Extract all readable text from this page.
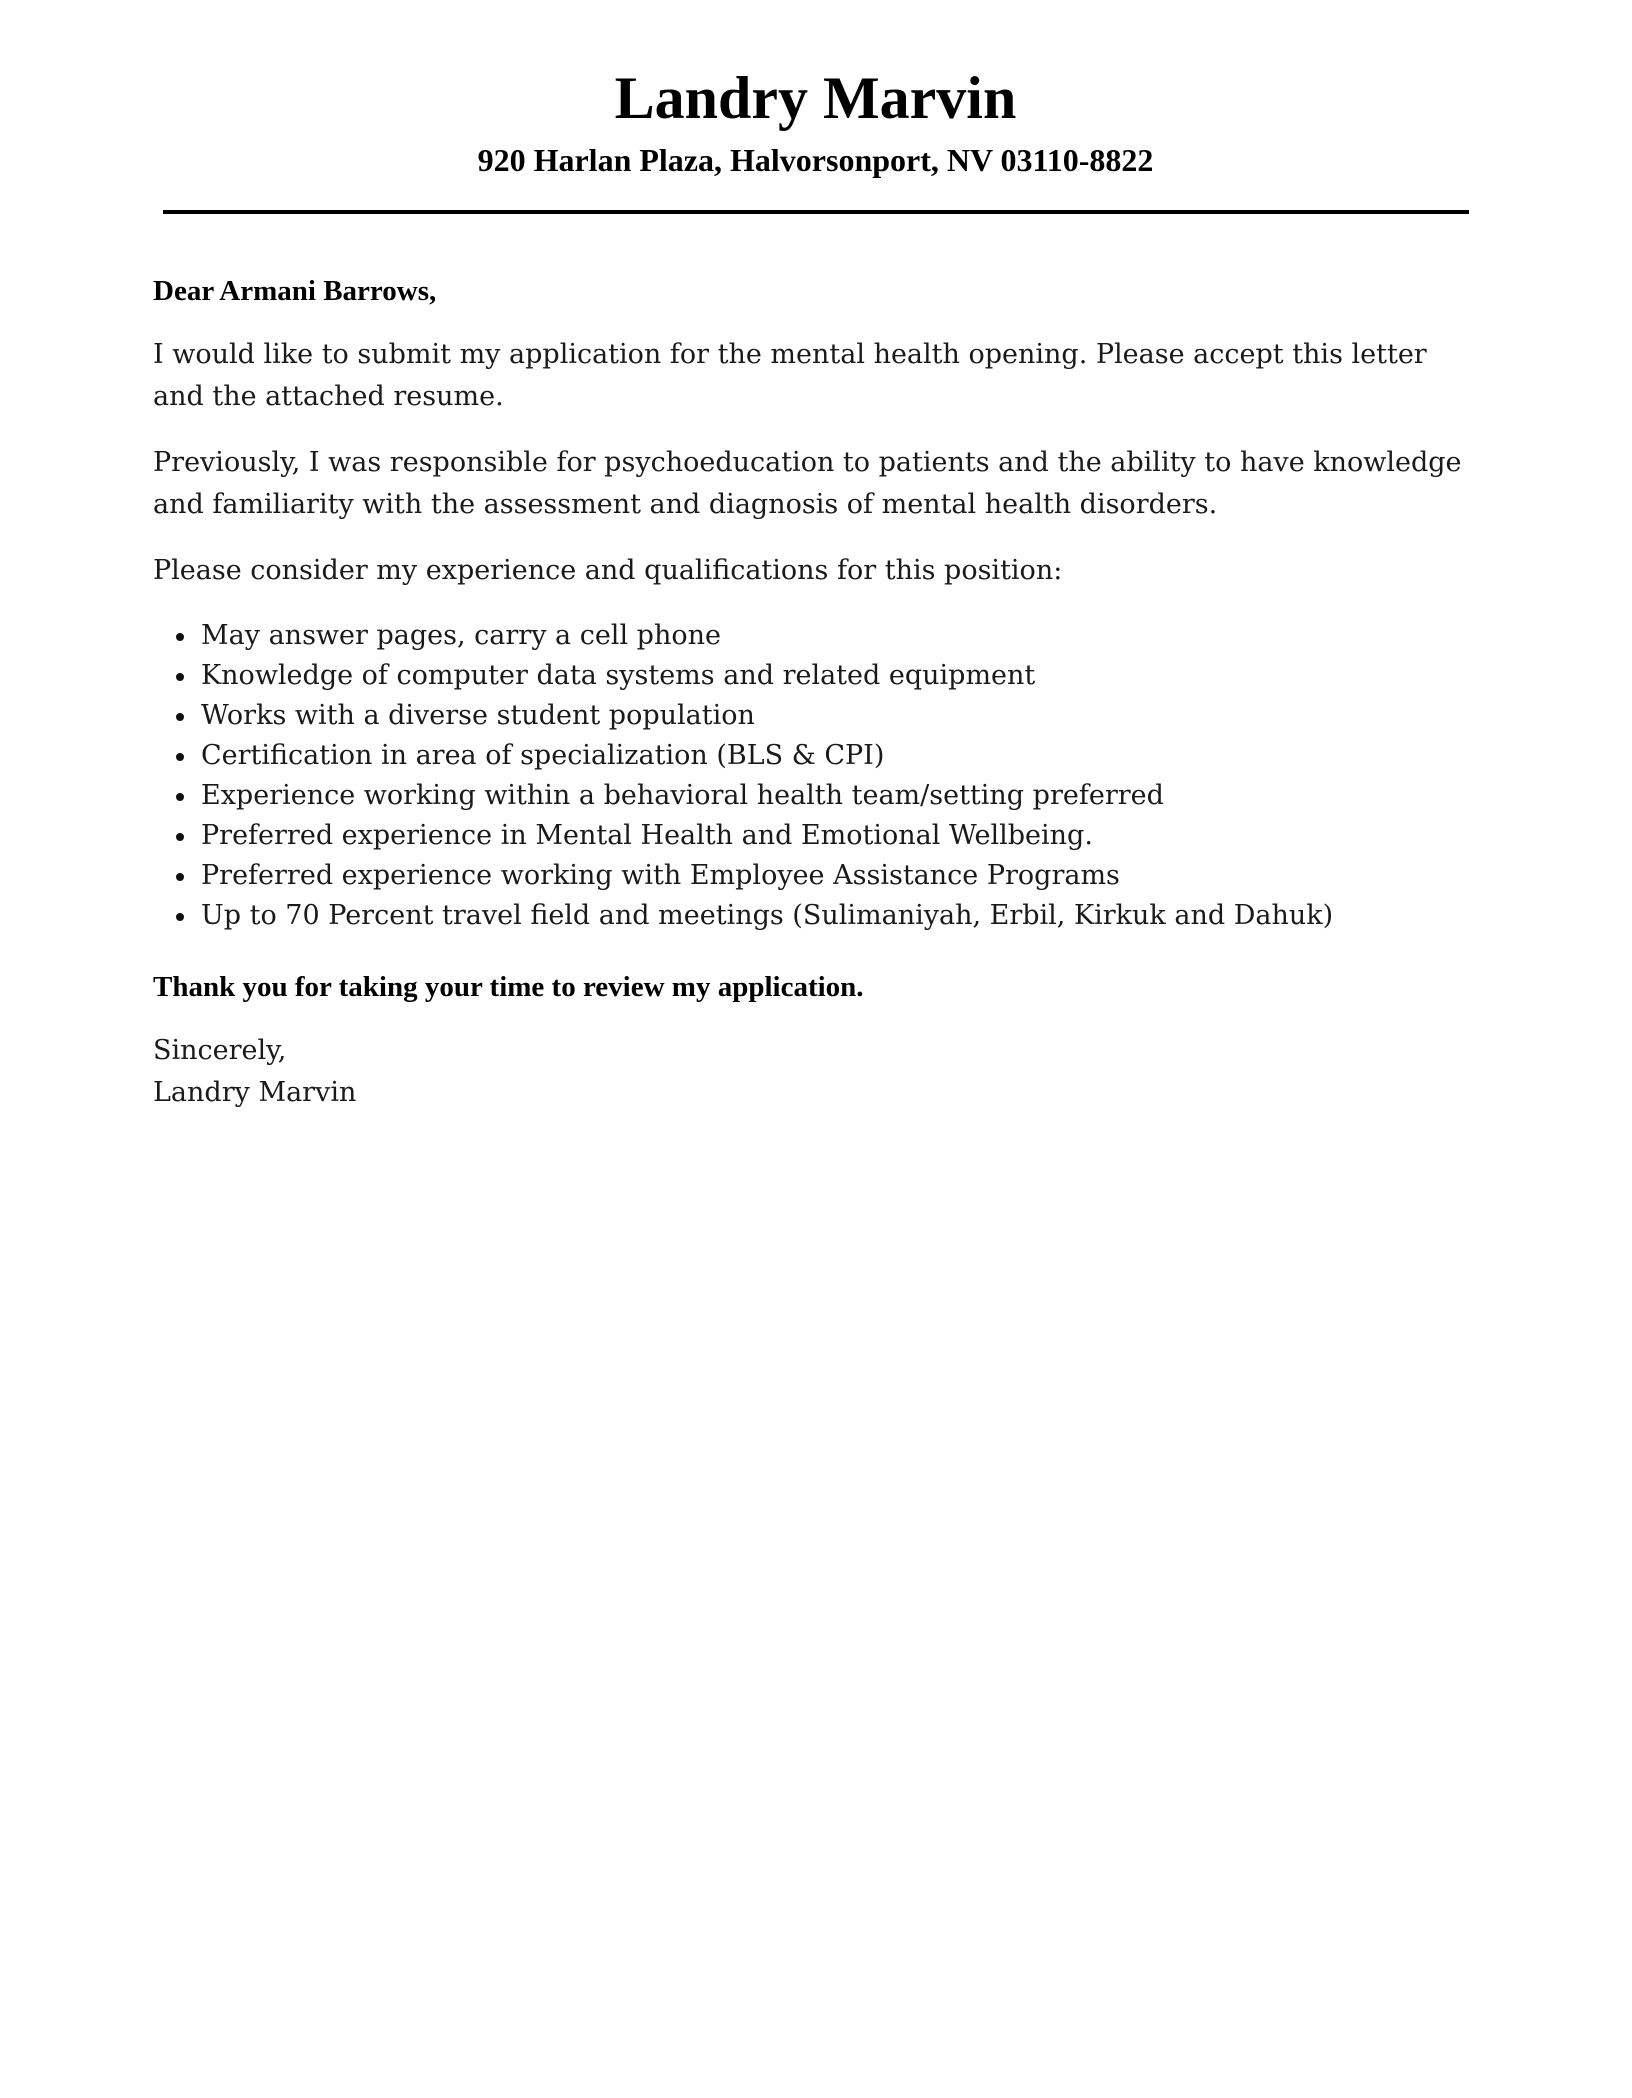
Landry Marvin

920 Harlan Plaza, Halvorsonport, NV 03110-8822

Dear Armani Barrows,

I would like to submit my application for the mental health opening. Please accept this letter and the attached resume.

Previously, I was responsible for psychoeducation to patients and the ability to have knowledge and familiarity with the assessment and diagnosis of mental health disorders.

Please consider my experience and qualifications for this position:

May answer pages, carry a cell phone
Knowledge of computer data systems and related equipment
Works with a diverse student population
Certification in area of specialization (BLS & CPI)
Experience working within a behavioral health team/setting preferred
Preferred experience in Mental Health and Emotional Wellbeing.
Preferred experience working with Employee Assistance Programs
Up to 70 Percent travel field and meetings (Sulimaniyah, Erbil, Kirkuk and Dahuk)

Thank you for taking your time to review my application.

Sincerely,

Landry Marvin
